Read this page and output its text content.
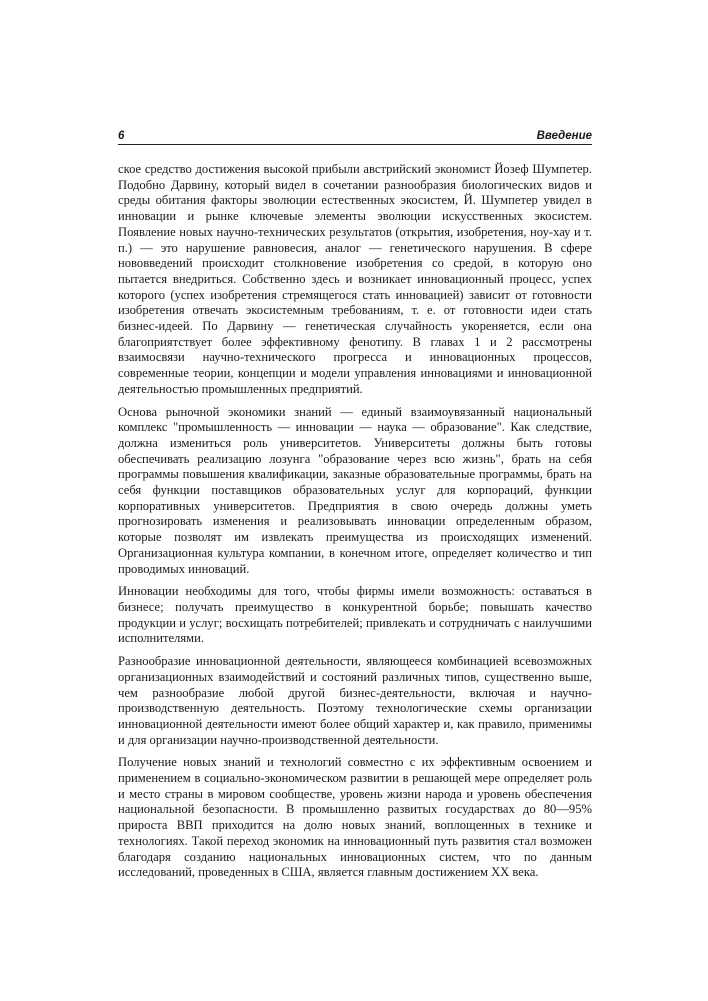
6	Введение

ское средство достижения высокой прибыли австрийский экономист Йозеф Шумпетер. Подобно Дарвину, который видел в сочетании разнообразия биологических видов и среды обитания факторы эволюции естественных экосистем, Й. Шумпетер увидел в инновации и рынке ключевые элементы эволюции искусственных экосистем. Появление новых научно-технических результатов (открытия, изобретения, ноу-хау и т. п.) — это нарушение равновесия, аналог — генетического нарушения. В сфере нововведений происходит столкновение изобретения со средой, в которую оно пытается внедриться. Собственно здесь и возникает инновационный процесс, успех которого (успех изобретения стремящегося стать инновацией) зависит от готовности изобретения отвечать экосистемным требованиям, т. е. от готовности идеи стать бизнес-идеей. По Дарвину — генетическая случайность укореняется, если она благоприятствует более эффективному фенотипу. В главах 1 и 2 рассмотрены взаимосвязи научно-технического прогресса и инновационных процессов, современные теории, концепции и модели управления инновациями и инновационной деятельностью промышленных предприятий.

Основа рыночной экономики знаний — единый взаимоувязанный национальный комплекс "промышленность — инновации — наука — образование". Как следствие, должна измениться роль университетов. Университеты должны быть готовы обеспечивать реализацию лозунга "образование через всю жизнь", брать на себя программы повышения квалификации, заказные образовательные программы, брать на себя функции поставщиков образовательных услуг для корпораций, функции корпоративных университетов. Предприятия в свою очередь должны уметь прогнозировать изменения и реализовывать инновации определенным образом, которые позволят им извлекать преимущества из происходящих изменений. Организационная культура компании, в конечном итоге, определяет количество и тип проводимых инноваций.

Инновации необходимы для того, чтобы фирмы имели возможность: оставаться в бизнесе; получать преимущество в конкурентной борьбе; повышать качество продукции и услуг; восхищать потребителей; привлекать и сотрудничать с наилучшими исполнителями.

Разнообразие инновационной деятельности, являющееся комбинацией всевозможных организационных взаимодействий и состояний различных типов, существенно выше, чем разнообразие любой другой бизнес-деятельности, включая и научно-производственную деятельность. Поэтому технологические схемы организации инновационной деятельности имеют более общий характер и, как правило, применимы и для организации научно-производственной деятельности.

Получение новых знаний и технологий совместно с их эффективным освоением и применением в социально-экономическом развитии в решающей мере определяет роль и место страны в мировом сообществе, уровень жизни народа и уровень обеспечения национальной безопасности. В промышленно развитых государствах до 80—95% прироста ВВП приходится на долю новых знаний, воплощенных в технике и технологиях. Такой переход экономик на инновационный путь развития стал возможен благодаря созданию национальных инновационных систем, что по данным исследований, проведенных в США, является главным достижением XX века.
